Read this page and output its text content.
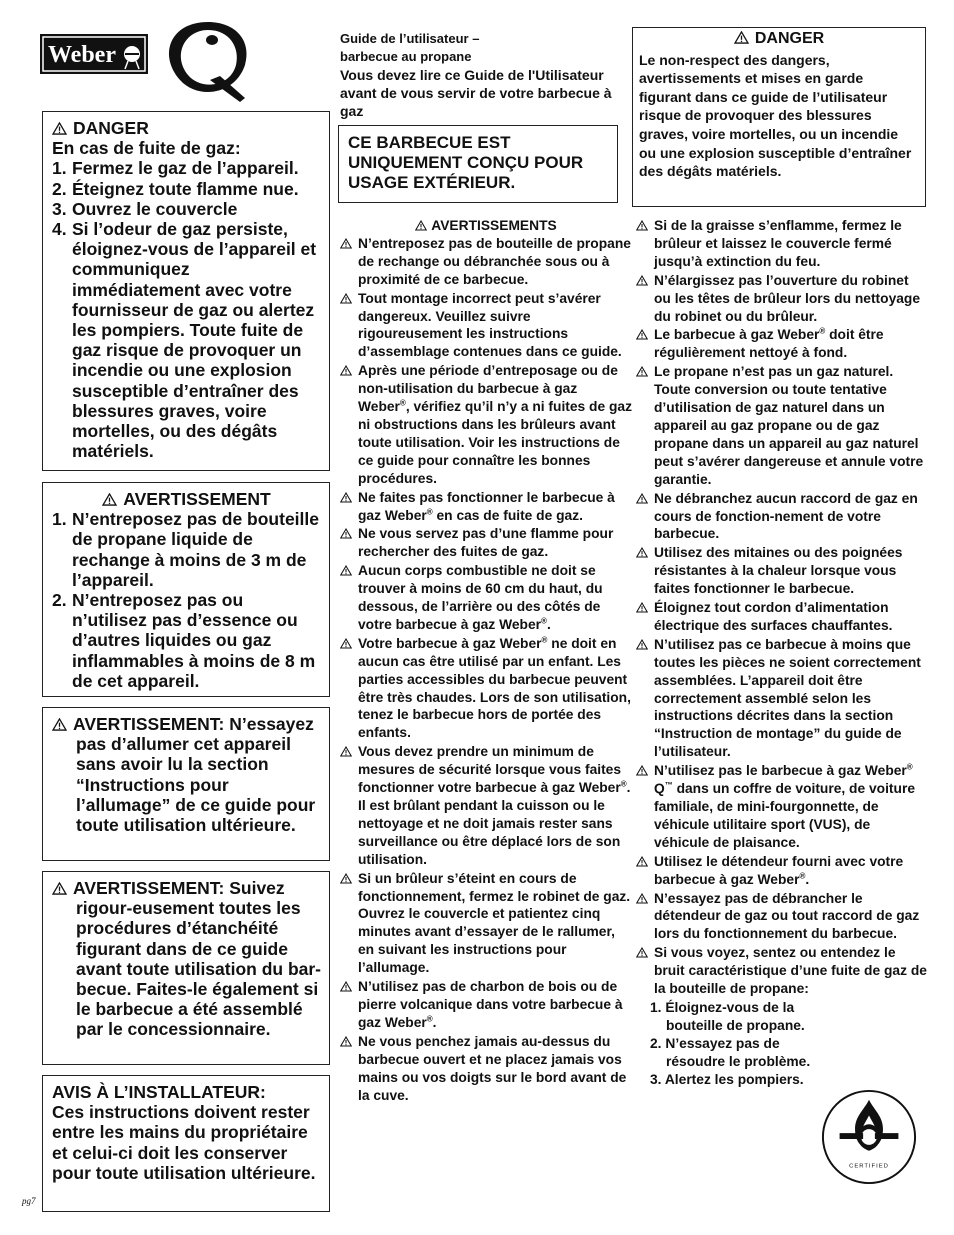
Weber
™
DANGER
En cas de fuite de gaz:
1. Fermez le gaz de l’appareil.
2. Éteignez toute flamme nue.
3. Ouvrez le couvercle
4. Si l’odeur de gaz persiste, éloignez-vous de l’appareil et communiquez immédiatement avec votre fournisseur de gaz ou alertez les pompiers. Toute fuite de gaz risque de provoquer un incendie ou une explosion susceptible d’entraîner des blessures graves, voire mortelles, ou des dégâts matériels.
AVERTISSEMENT
1. N’entreposez pas de bouteille de propane liquide de rechange à moins de 3 m de l’appareil.
2. N’entreposez pas ou n’utilisez pas d’essence ou d’autres liquides ou gaz inflammables à moins de 8 m de cet appareil.
AVERTISSEMENT: N’essayez pas d’allumer cet appareil sans avoir lu la section “Instructions pour l’allumage” de ce guide pour toute utilisation ultérieure.
AVERTISSEMENT: Suivez rigour-eusement toutes les procédures d’étanchéité figurant dans de ce guide avant toute utilisation du bar-becue. Faites-le également si le barbecue a été assemblé par le concessionnaire.
AVIS À L’INSTALLATEUR:
Ces instructions doivent rester entre les mains du propriétaire et celui-ci doit les conserver pour toute utilisation ultérieure.
Guide de l’utilisateur –
barbecue au propane
Vous devez lire ce Guide de l'Utilisateur avant de vous servir de votre barbecue à gaz
CE BARBECUE EST UNIQUEMENT CONÇU POUR USAGE EXTÉRIEUR.
DANGER
Le non-respect des dangers, avertissements et mises en garde figurant dans ce guide de l’utilisateur risque de provoquer des blessures graves, voire mortelles, ou un incendie ou une explosion susceptible d’entraîner des dégâts matériels.
AVERTISSEMENTS
N’entreposez pas de bouteille de propane de rechange ou débranchée sous ou à proximité de ce barbecue.
Tout montage incorrect peut s’avérer dangereux. Veuillez suivre rigoureusement les instructions d’assemblage contenues dans ce guide.
Après une période d’entreposage ou de non-utilisation du barbecue à gaz Weber®, vérifiez qu’il n’y a ni fuites de gaz ni obstructions dans les brûleurs avant toute utilisation. Voir les instructions de ce guide pour connaître les bonnes procédures.
Ne faites pas fonctionner le barbecue à gaz Weber® en cas de fuite de gaz.
Ne vous servez pas d’une flamme pour rechercher des fuites de gaz.
Aucun corps combustible ne doit se trouver à moins de 60 cm du haut, du dessous, de l’arrière ou des côtés de votre barbecue à gaz Weber®.
Votre barbecue à gaz Weber® ne doit en aucun cas être utilisé par un enfant. Les parties accessibles du barbecue peuvent être très chaudes. Lors de son utilisation, tenez le barbecue hors de portée des enfants.
Vous devez prendre un minimum de mesures de sécurité lorsque vous faites fonctionner votre barbecue à gaz Weber®. Il est brûlant pendant la cuisson ou le nettoyage et ne doit jamais rester sans surveillance ou être déplacé lors de son utilisation.
Si un brûleur s’éteint en cours de fonctionnement, fermez le robinet de gaz. Ouvrez le couvercle et patientez cinq minutes avant d’essayer de le rallumer, en suivant les instructions pour l’allumage.
N’utilisez pas de charbon de bois ou de pierre volcanique dans votre barbecue à gaz Weber®.
Ne vous penchez jamais au-dessus du barbecue ouvert et ne placez jamais vos mains ou vos doigts sur le bord avant de la cuve.
Si de la graisse s’enflamme, fermez le brûleur et laissez le couvercle fermé jusqu’à extinction du feu.
N’élargissez pas l’ouverture du robinet ou les têtes de brûleur lors du nettoyage du robinet ou du brûleur.
Le barbecue à gaz Weber® doit être régulièrement nettoyé à fond.
Le propane n’est pas un gaz naturel. Toute conversion ou toute tentative d’utilisation de gaz naturel dans un appareil au gaz propane ou de gaz propane dans un appareil au gaz naturel peut s’avérer dangereuse et annule votre garantie.
Ne débranchez aucun raccord de gaz en cours de fonction-nement de votre barbecue.
Utilisez des mitaines ou des poignées résistantes à la chaleur lorsque vous faites fonctionner le barbecue.
Éloignez tout cordon d’alimentation électrique des surfaces chauffantes.
N’utilisez pas ce barbecue à moins que toutes les pièces ne soient correctement assemblées. L’appareil doit être correctement assemblé selon les instructions décrites dans la section “Instruction de montage” du guide de l’utilisateur.
N’utilisez pas le barbecue à gaz Weber® Q™ dans un coffre de voiture, de voiture familiale, de mini-fourgonnette, de véhicule utilitaire sport (VUS), de véhicule de plaisance.
Utilisez le détendeur fourni avec votre barbecue à gaz Weber®.
N’essayez pas de débrancher le détendeur de gaz ou tout raccord de gaz lors du fonctionnement du barbecue.
Si vous voyez, sentez ou entendez le bruit caractéristique d’une fuite de gaz de la bouteille de propane:
1. Éloignez-vous de la bouteille de propane.
2. N’essayez pas de résoudre le problème.
3. Alertez les pompiers.
CERTIFIED
pg7
